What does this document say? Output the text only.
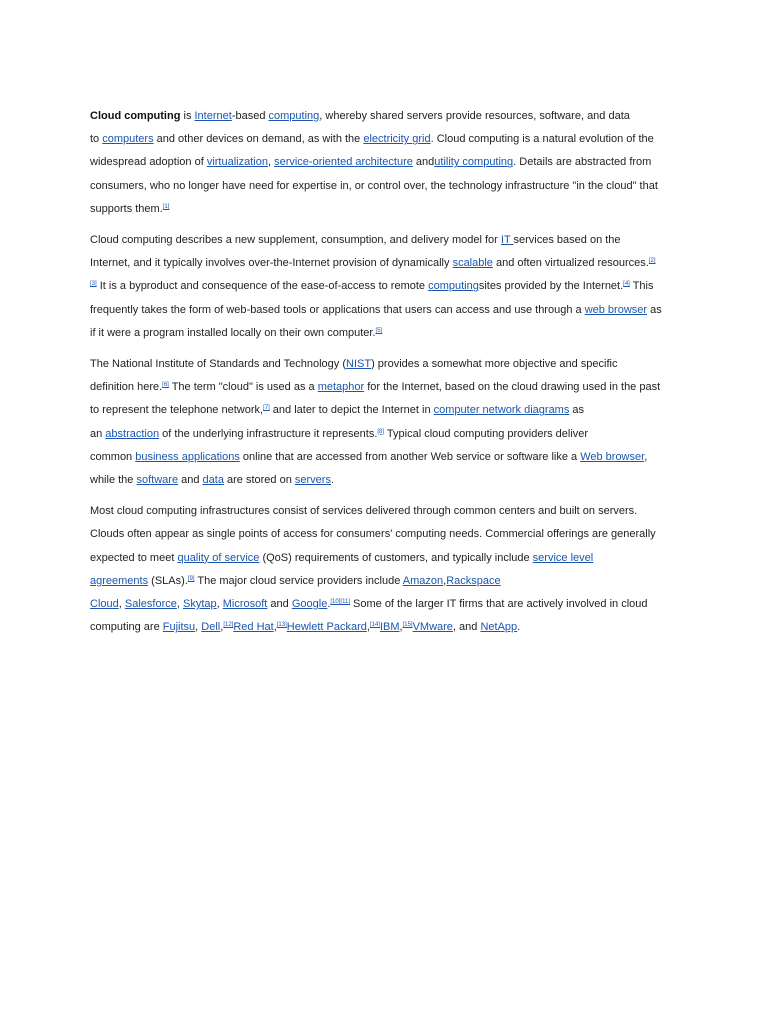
Cloud computing is Internet-based computing, whereby shared servers provide resources, software, and data
to computers and other devices on demand, as with the electricity grid. Cloud computing is a natural evolution of the
widespread adoption of virtualization, service-oriented architecture andutility computing. Details are abstracted from
consumers, who no longer have need for expertise in, or control over, the technology infrastructure "in the cloud" that
supports them.[1]

Cloud computing describes a new supplement, consumption, and delivery model for IT services based on the
Internet, and it typically involves over-the-Internet provision of dynamically scalable and often virtualized resources.[2]
[3] It is a byproduct and consequence of the ease-of-access to remote computingsites provided by the Internet.[4] This
frequently takes the form of web-based tools or applications that users can access and use through a web browser as
if it were a program installed locally on their own computer.[5]

The National Institute of Standards and Technology (NIST) provides a somewhat more objective and specific
definition here.[6] The term "cloud" is used as a metaphor for the Internet, based on the cloud drawing used in the past
to represent the telephone network,[7] and later to depict the Internet in computer network diagrams as
an abstraction of the underlying infrastructure it represents.[8] Typical cloud computing providers deliver
common business applications online that are accessed from another Web service or software like a Web browser,
while the software and data are stored on servers.

Most cloud computing infrastructures consist of services delivered through common centers and built on servers.
Clouds often appear as single points of access for consumers' computing needs. Commercial offerings are generally
expected to meet quality of service (QoS) requirements of customers, and typically include service level
agreements (SLAs).[9] The major cloud service providers include Amazon,Rackspace
Cloud, Salesforce, Skytap, Microsoft and Google.[10][11] Some of the larger IT firms that are actively involved in cloud
computing are Fujitsu, Dell,[12]Red Hat,[13]Hewlett Packard,[14]IBM,[15]VMware, and NetApp.
